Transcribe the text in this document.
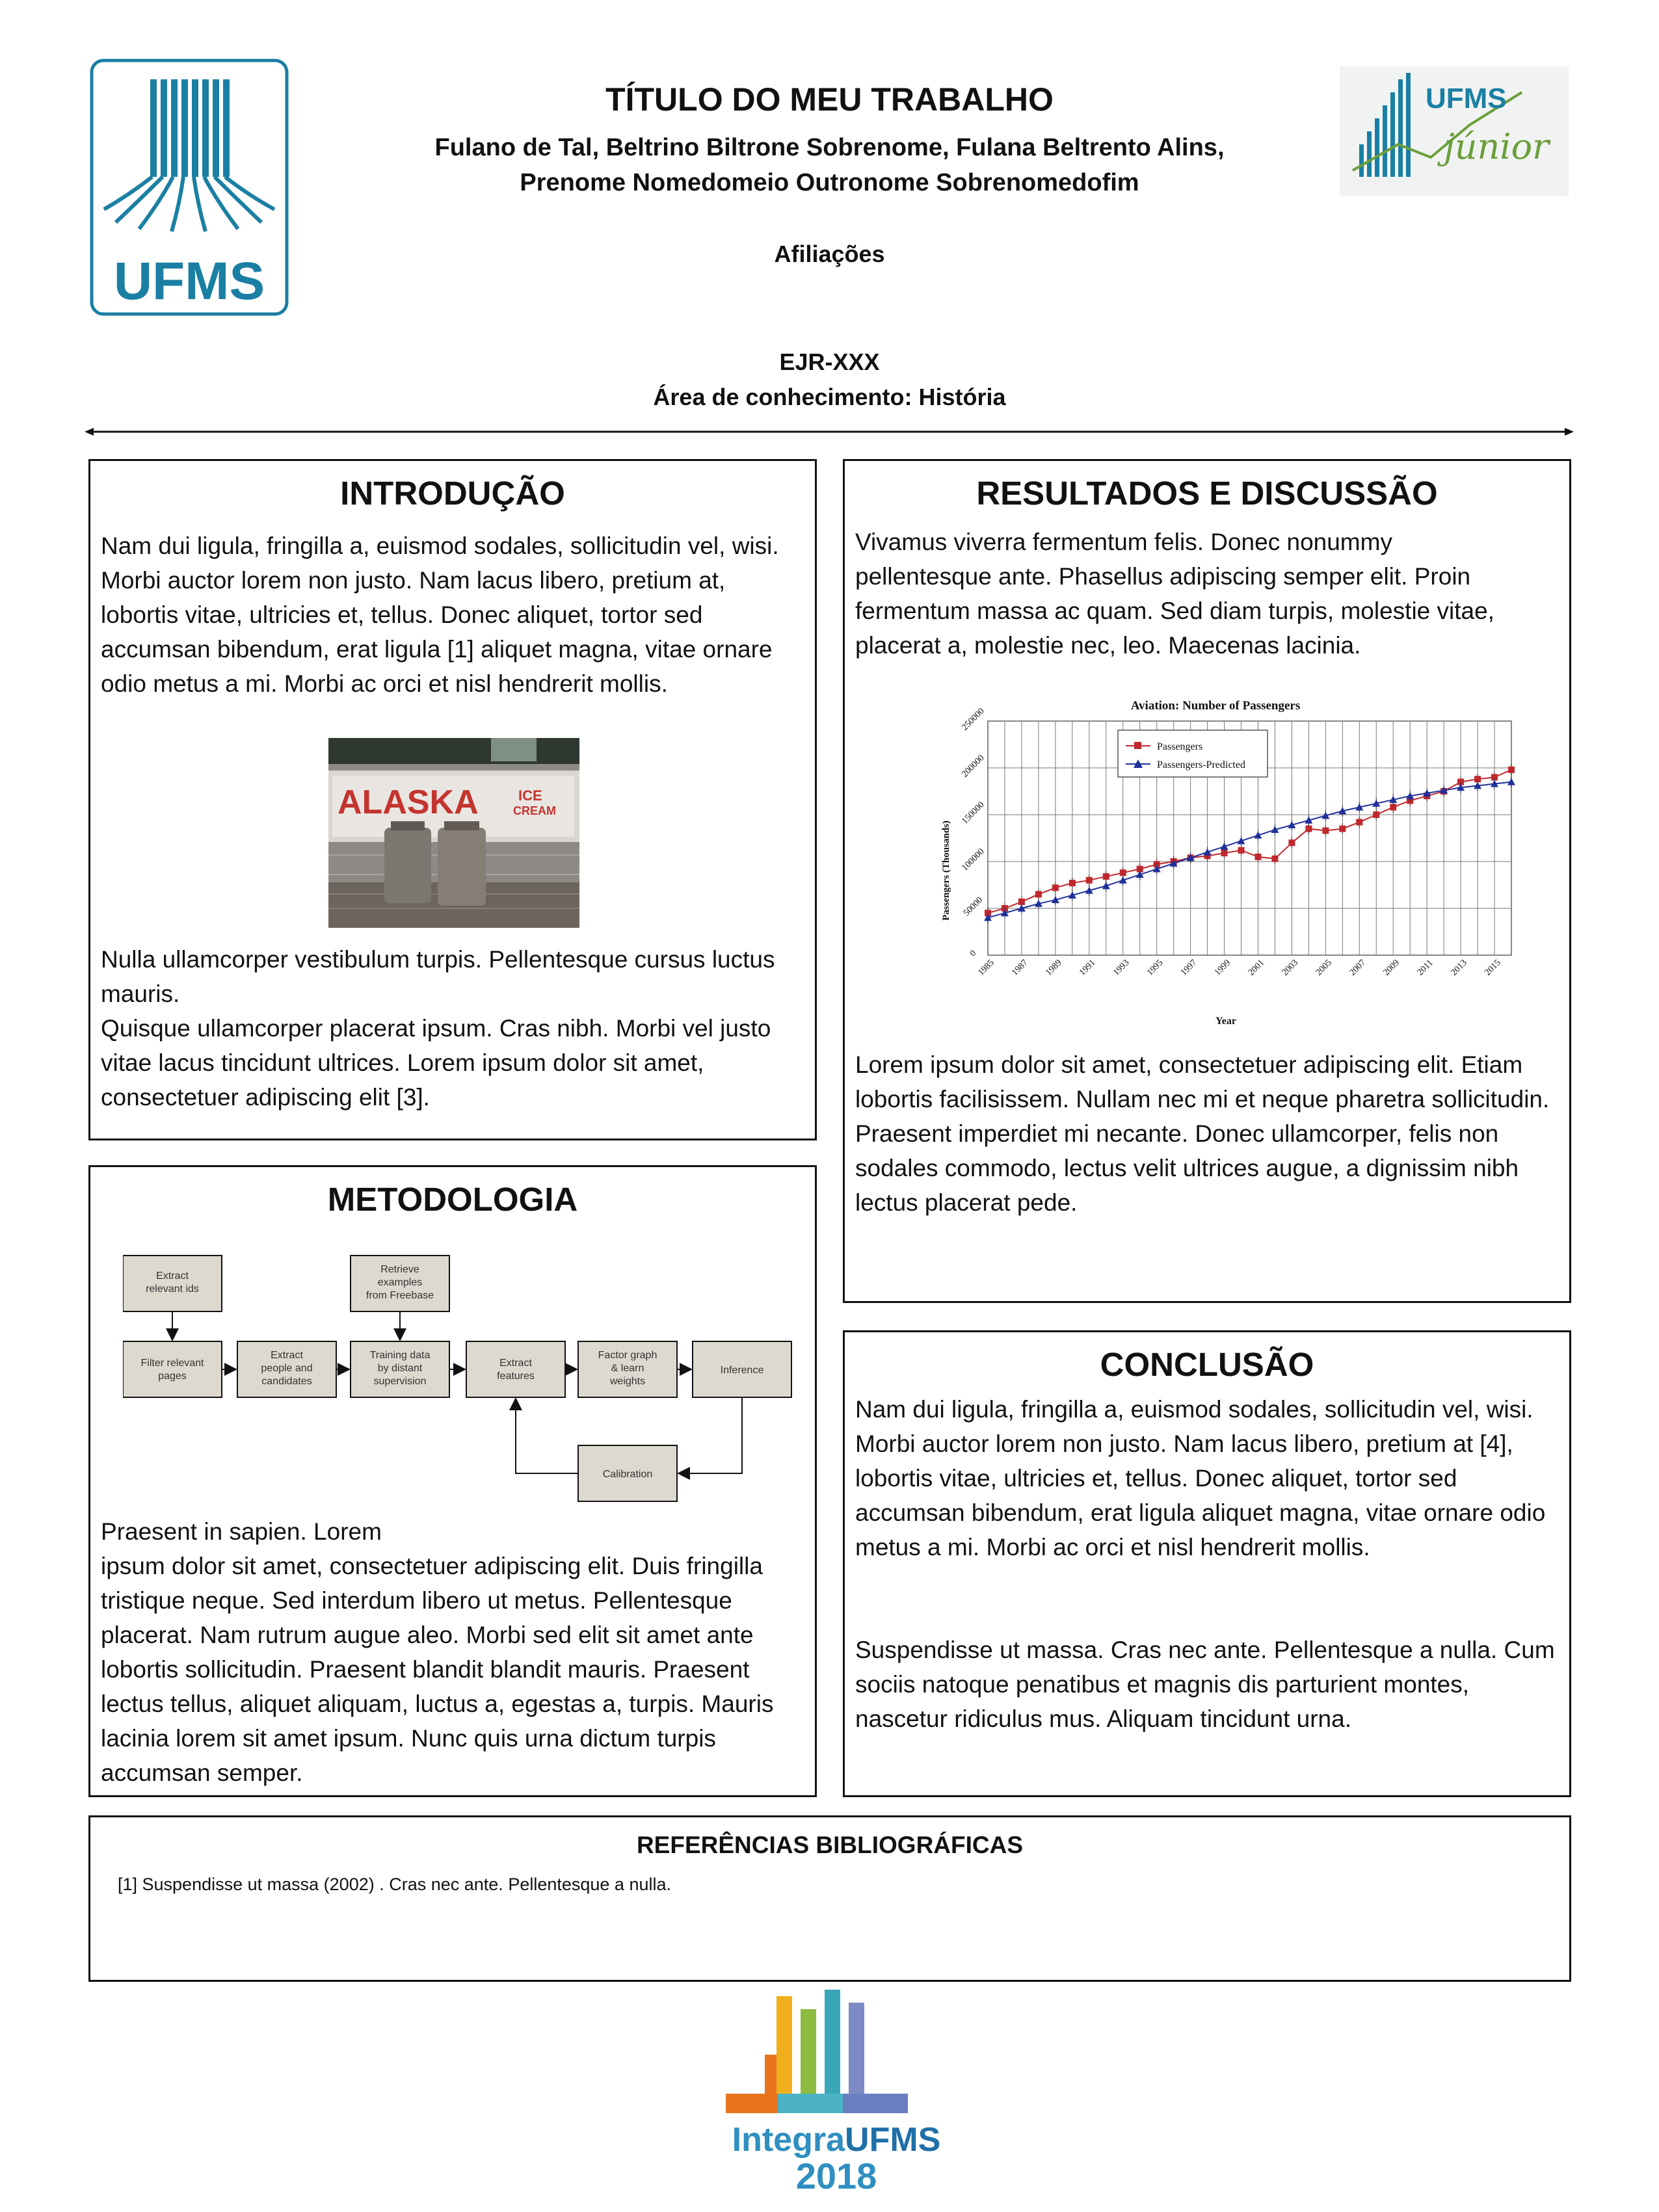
UFMS
UFMS
júnior
TÍTULO DO MEU TRABALHO
Fulano de Tal, Beltrino Biltrone Sobrenome, Fulana Beltrento Alins,
Prenome Nomedomeio Outronome Sobrenomedofim
Afiliações
EJR-XXX
Área de conhecimento: História
INTRODUÇÃO
Nam dui ligula, fringilla a, euismod sodales, sollicitudin vel, wisi. Morbi auctor lorem non justo. Nam lacus libero, pretium at, lobortis vitae, ultricies et, tellus. Donec aliquet, tortor sed accumsan bibendum, erat ligula [1] aliquet magna, vitae ornare odio metus a mi. Morbi ac orci et nisl hendrerit mollis.
ALASKA	ICE
CREAM
Nulla ullamcorper vestibulum turpis. Pellentesque cursus luctus mauris.
Quisque ullamcorper placerat ipsum. Cras nibh. Morbi vel justo vitae lacus tincidunt ultrices. Lorem ipsum dolor sit amet, consectetuer adipiscing elit [3].
METODOLOGIA
Extract relevant ids
Retrieve examples from Freebase
Filter relevant pages
Extract people and candidates
Training data by distant supervision
Extract features
Factor graph & learn weights
Inference
Calibration
Praesent in sapien. Lorem
ipsum dolor sit amet, consectetuer adipiscing elit. Duis fringilla tristique neque. Sed interdum libero ut metus. Pellentesque placerat. Nam rutrum augue aleo. Morbi sed elit sit amet ante lobortis sollicitudin. Praesent blandit blandit mauris. Praesent lectus tellus, aliquet aliquam, luctus a, egestas a, turpis. Mauris lacinia lorem sit amet ipsum. Nunc quis urna dictum turpis accumsan semper.
RESULTADOS E DISCUSSÃO
Vivamus viverra fermentum felis. Donec nonummy pellentesque ante. Phasellus adipiscing semper elit. Proin fermentum massa ac quam. Sed diam turpis, molestie vitae, placerat a, molestie nec, leo. Maecenas lacinia.
Aviation: Number of Passengers
0
50000
100000
150000
200000
250000
1985 1987 1989 1991 1993 1995 1997 1999 2001 2003 2005 2007 2009 2011 2013 2015
Passengers (Thousands)
Year
Passengers
Passengers-Predicted
Lorem ipsum dolor sit amet, consectetuer adipiscing elit. Etiam lobortis facilisissem. Nullam nec mi et neque pharetra sollicitudin. Praesent imperdiet mi necante. Donec ullamcorper, felis non sodales commodo, lectus velit ultrices augue, a dignissim nibh lectus placerat pede.
CONCLUSÃO
Nam dui ligula, fringilla a, euismod sodales, sollicitudin vel, wisi. Morbi auctor lorem non justo. Nam lacus libero, pretium at [4], lobortis vitae, ultricies et, tellus. Donec aliquet, tortor sed accumsan bibendum, erat ligula aliquet magna, vitae ornare odio metus a mi. Morbi ac orci et nisl hendrerit mollis.
Suspendisse ut massa. Cras nec ante. Pellentesque a nulla. Cum sociis natoque penatibus et magnis dis parturient montes, nascetur ridiculus mus. Aliquam tincidunt urna.
REFERÊNCIAS BIBLIOGRÁFICAS
[1] Suspendisse ut massa (2002) . Cras nec ante. Pellentesque a nulla.
IntegraUFMS
2018
